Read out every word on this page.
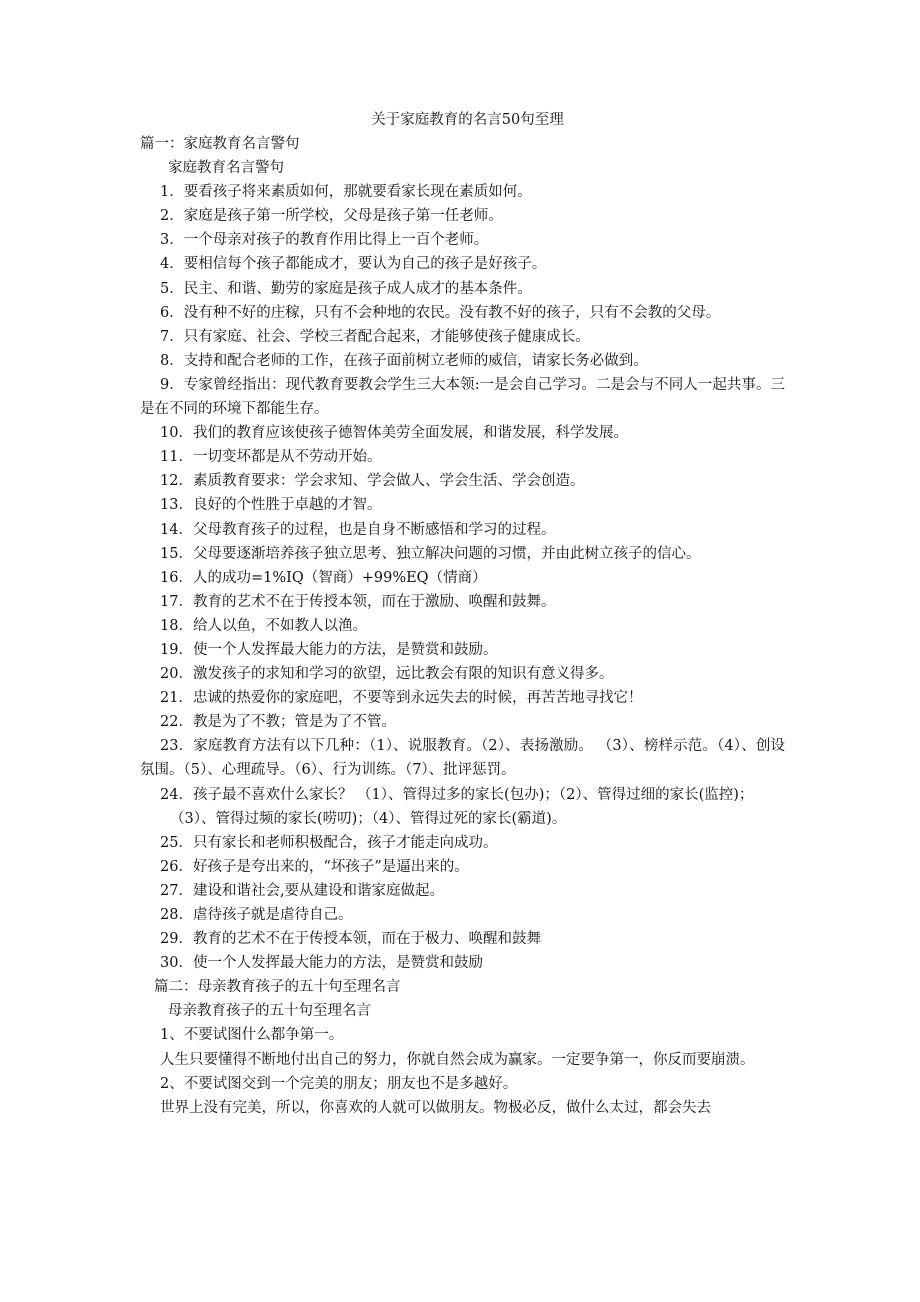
关于家庭教育的名言50句至理

篇一：家庭教育名言警句

家庭教育名言警句

1．要看孩子将来素质如何，那就要看家长现在素质如何。

2．家庭是孩子第一所学校，父母是孩子第一任老师。

3．一个母亲对孩子的教育作用比得上一百个老师。

4．要相信每个孩子都能成才，要认为自己的孩子是好孩子。

5．民主、和谐、勤劳的家庭是孩子成人成才的基本条件。

6．没有种不好的庄稼，只有不会种地的农民。没有教不好的孩子，只有不会教的父母。

7．只有家庭、社会、学校三者配合起来，才能够使孩子健康成长。

8．支持和配合老师的工作，在孩子面前树立老师的威信，请家长务必做到。

9．专家曾经指出：现代教育要教会学生三大本领:一是会自己学习。二是会与不同人一起共事。三是在不同的环境下都能生存。

10．我们的教育应该使孩子德智体美劳全面发展，和谐发展，科学发展。

11．一切变坏都是从不劳动开始。

12．素质教育要求：学会求知、学会做人、学会生活、学会创造。

13．良好的个性胜于卓越的才智。

14．父母教育孩子的过程，也是自身不断感悟和学习的过程。

15．父母要逐渐培养孩子独立思考、独立解决问题的习惯，并由此树立孩子的信心。

16．人的成功=1%IQ（智商）+99%EQ（情商）

17．教育的艺术不在于传授本领，而在于激励、唤醒和鼓舞。

18．给人以鱼，不如教人以渔。

19．使一个人发挥最大能力的方法，是赞赏和鼓励。

20．激发孩子的求知和学习的欲望，远比教会有限的知识有意义得多。

21．忠诚的热爱你的家庭吧，不要等到永远失去的时候，再苦苦地寻找它！

22．教是为了不教；管是为了不管。

23．家庭教育方法有以下几种：（1）、说服教育。（2）、表扬激励。 （3）、榜样示范。（4）、创设氛围。（5）、心理疏导。（6）、行为训练。（7）、批评惩罚。

24．孩子最不喜欢什么家长？ （1）、管得过多的家长(包办)；（2）、管得过细的家长(监控)；

（3）、管得过频的家长(唠叨)；（4）、管得过死的家长(霸道)。

25．只有家长和老师积极配合，孩子才能走向成功。

26．好孩子是夸出来的，“坏孩子”是逼出来的。

27．建设和谐社会,要从建设和谐家庭做起。

28．虐待孩子就是虐待自己。

29．教育的艺术不在于传授本领，而在于极力、唤醒和鼓舞

30．使一个人发挥最大能力的方法，是赞赏和鼓励

篇二：母亲教育孩子的五十句至理名言

母亲教育孩子的五十句至理名言

1、不要试图什么都争第一。

人生只要懂得不断地付出自己的努力，你就自然会成为赢家。一定要争第一，你反而要崩溃。

2、不要试图交到一个完美的朋友；朋友也不是多越好。

世界上没有完美，所以，你喜欢的人就可以做朋友。物极必反，做什么太过，都会失去
